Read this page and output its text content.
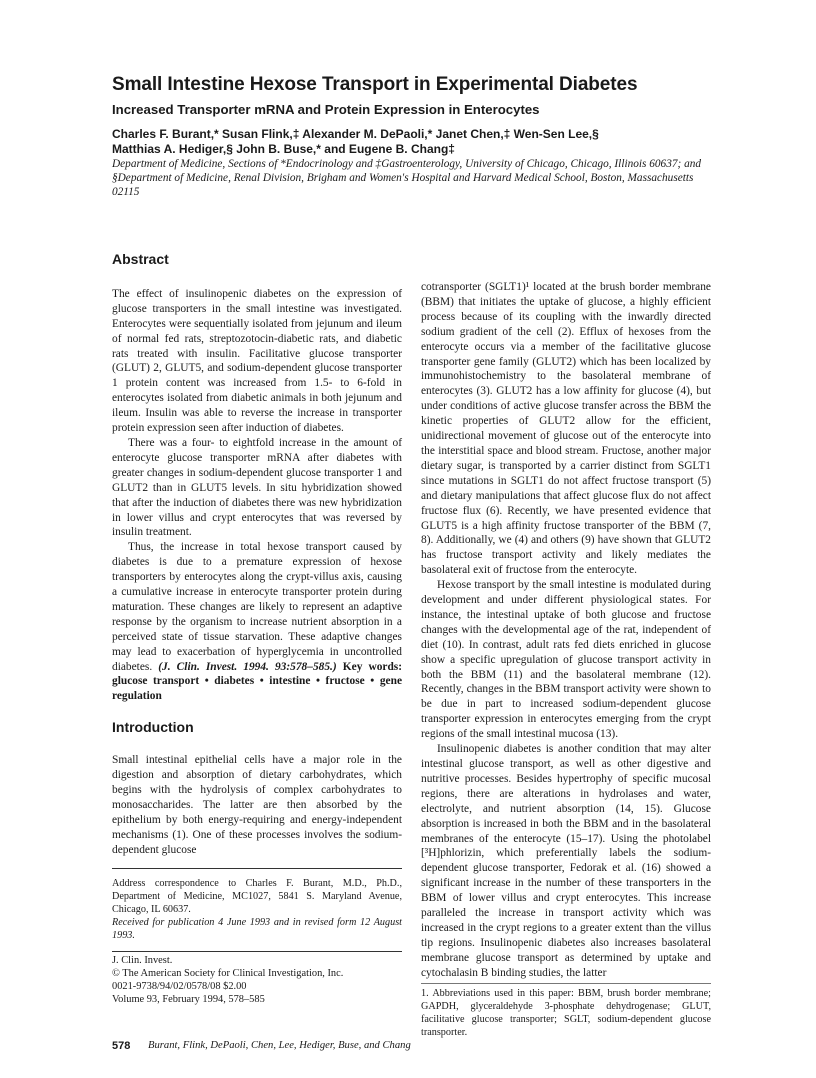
Small Intestine Hexose Transport in Experimental Diabetes
Increased Transporter mRNA and Protein Expression in Enterocytes
Charles F. Burant,* Susan Flink,‡ Alexander M. DePaoli,* Janet Chen,‡ Wen-Sen Lee,§
Matthias A. Hediger,§ John B. Buse,* and Eugene B. Chang‡
Department of Medicine, Sections of *Endocrinology and ‡Gastroenterology, University of Chicago, Chicago, Illinois 60637; and
§Department of Medicine, Renal Division, Brigham and Women's Hospital and Harvard Medical School, Boston, Massachusetts 02115
Abstract

The effect of insulinopenic diabetes on the expression of glucose transporters in the small intestine was investigated. Enterocytes were sequentially isolated from jejunum and ileum of normal fed rats, streptozotocin-diabetic rats, and diabetic rats treated with insulin. Facilitative glucose transporter (GLUT) 2, GLUT5, and sodium-dependent glucose transporter 1 protein content was increased from 1.5- to 6-fold in enterocytes isolated from diabetic animals in both jejunum and ileum. Insulin was able to reverse the increase in transporter protein expression seen after induction of diabetes.

There was a four- to eightfold increase in the amount of enterocyte glucose transporter mRNA after diabetes with greater changes in sodium-dependent glucose transporter 1 and GLUT2 than in GLUT5 levels. In situ hybridization showed that after the induction of diabetes there was new hybridization in lower villus and crypt enterocytes that was reversed by insulin treatment.

Thus, the increase in total hexose transport caused by diabetes is due to a premature expression of hexose transporters by enterocytes along the crypt-villus axis, causing a cumulative increase in enterocyte transporter protein during maturation. These changes are likely to represent an adaptive response by the organism to increase nutrient absorption in a perceived state of tissue starvation. These adaptive changes may lead to exacerbation of hyperglycemia in uncontrolled diabetes. (J. Clin. Invest. 1994. 93:578–585.) Key words: glucose transport • diabetes • intestine • fructose • gene regulation

Introduction

Small intestinal epithelial cells have a major role in the digestion and absorption of dietary carbohydrates, which begins with the hydrolysis of complex carbohydrates to monosaccharides. The latter are then absorbed by the epithelium by both energy-requiring and energy-independent mechanisms (1). One of these processes involves the sodium-dependent glucose

Address correspondence to Charles F. Burant, M.D., Ph.D., Department of Medicine, MC1027, 5841 S. Maryland Avenue, Chicago, IL 60637.

Received for publication 4 June 1993 and in revised form 12 August 1993.

J. Clin. Invest.
© The American Society for Clinical Investigation, Inc.
0021-9738/94/02/0578/08 $2.00
Volume 93, February 1994, 578–585

cotransporter (SGLT1)¹ located at the brush border membrane (BBM) that initiates the uptake of glucose, a highly efficient process because of its coupling with the inwardly directed sodium gradient of the cell (2). Efflux of hexoses from the enterocyte occurs via a member of the facilitative glucose transporter gene family (GLUT2) which has been localized by immunohistochemistry to the basolateral membrane of enterocytes (3). GLUT2 has a low affinity for glucose (4), but under conditions of active glucose transfer across the BBM the kinetic properties of GLUT2 allow for the efficient, unidirectional movement of glucose out of the enterocyte into the interstitial space and blood stream. Fructose, another major dietary sugar, is transported by a carrier distinct from SGLT1 since mutations in SGLT1 do not affect fructose transport (5) and dietary manipulations that affect glucose flux do not affect fructose flux (6). Recently, we have presented evidence that GLUT5 is a high affinity fructose transporter of the BBM (7, 8). Additionally, we (4) and others (9) have shown that GLUT2 has fructose transport activity and likely mediates the basolateral exit of fructose from the enterocyte.

Hexose transport by the small intestine is modulated during development and under different physiological states. For instance, the intestinal uptake of both glucose and fructose changes with the developmental age of the rat, independent of diet (10). In contrast, adult rats fed diets enriched in glucose show a specific upregulation of glucose transport activity in both the BBM (11) and the basolateral membrane (12). Recently, changes in the BBM transport activity were shown to be due in part to increased sodium-dependent glucose transporter expression in enterocytes emerging from the crypt regions of the small intestinal mucosa (13).

Insulinopenic diabetes is another condition that may alter intestinal glucose transport, as well as other digestive and nutritive processes. Besides hypertrophy of specific mucosal regions, there are alterations in hydrolases and water, electrolyte, and nutrient absorption (14, 15). Glucose absorption is increased in both the BBM and in the basolateral membranes of the enterocyte (15–17). Using the photolabel [³H]phlorizin, which preferentially labels the sodium-dependent glucose transporter, Fedorak et al. (16) showed a significant increase in the number of these transporters in the BBM of lower villus and crypt enterocytes. This increase paralleled the increase in transport activity which was increased in the crypt regions to a greater extent than the villus tip regions. Insulinopenic diabetes also increases basolateral membrane glucose transport as determined by uptake and cytochalasin B binding studies, the latter

1. Abbreviations used in this paper: BBM, brush border membrane; GAPDH, glyceraldehyde 3-phosphate dehydrogenase; GLUT, facilitative glucose transporter; SGLT, sodium-dependent glucose transporter.
578 Burant, Flink, DePaoli, Chen, Lee, Hediger, Buse, and Chang
